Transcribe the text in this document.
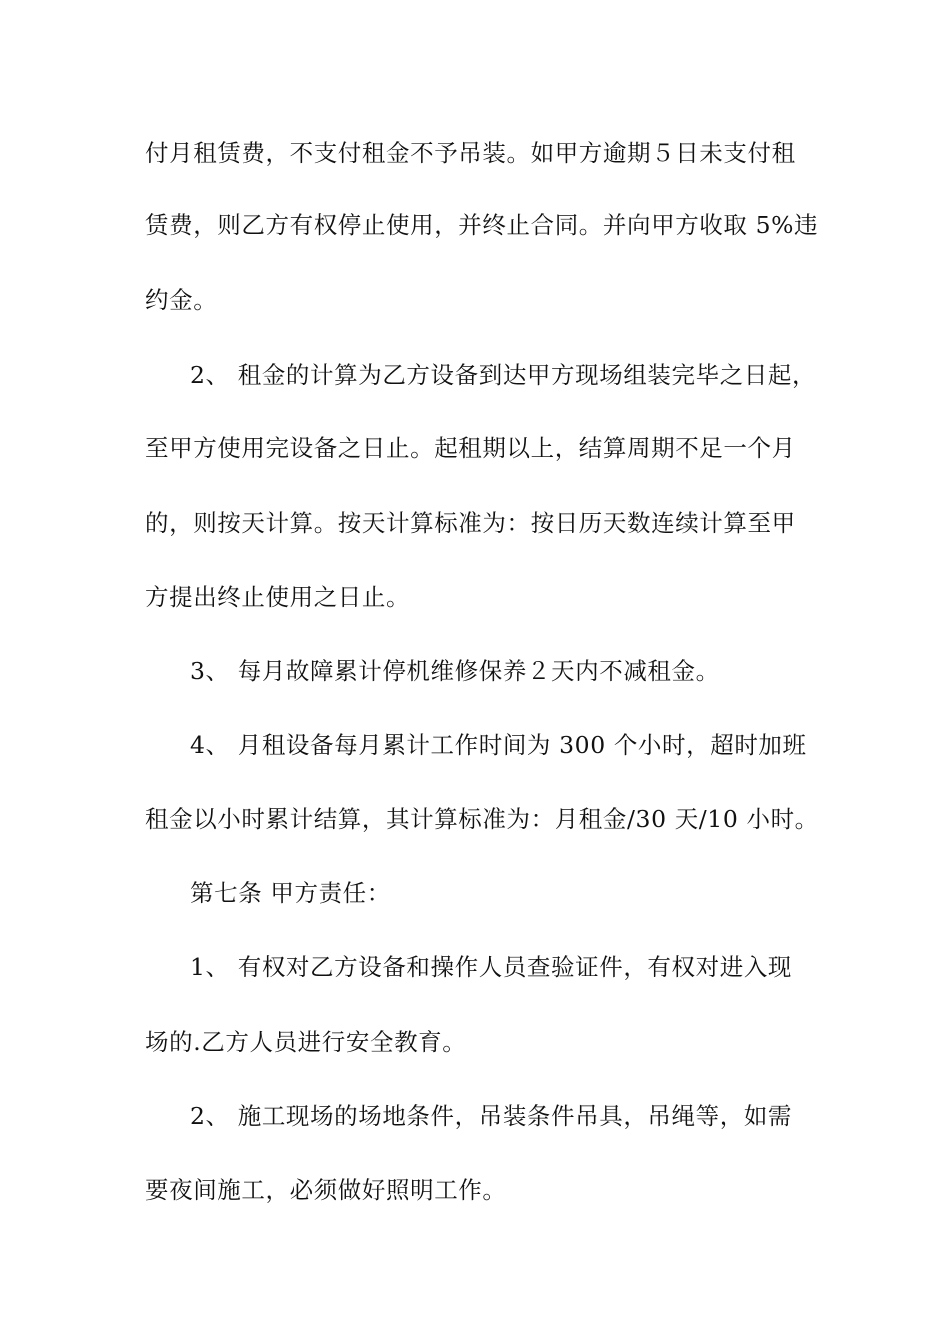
付月租赁费，不支付租金不予吊装。如甲方逾期５日未支付租
赁费，则乙方有权停止使用，并终止合同。并向甲方收取 5%违
约金。
2、 租金的计算为乙方设备到达甲方现场组装完毕之日起，
至甲方使用完设备之日止。起租期以上，结算周期不足一个月
的，则按天计算。按天计算标准为：按日历天数连续计算至甲
方提出终止使用之日止。
3、 每月故障累计停机维修保养２天内不减租金。
4、 月租设备每月累计工作时间为 300 个小时，超时加班
租金以小时累计结算，其计算标准为：月租金/30 天/10 小时。
第七条 甲方责任：
1、 有权对乙方设备和操作人员查验证件，有权对进入现
场的.乙方人员进行安全教育。
2、 施工现场的场地条件，吊装条件吊具，吊绳等，如需
要夜间施工，必须做好照明工作。
